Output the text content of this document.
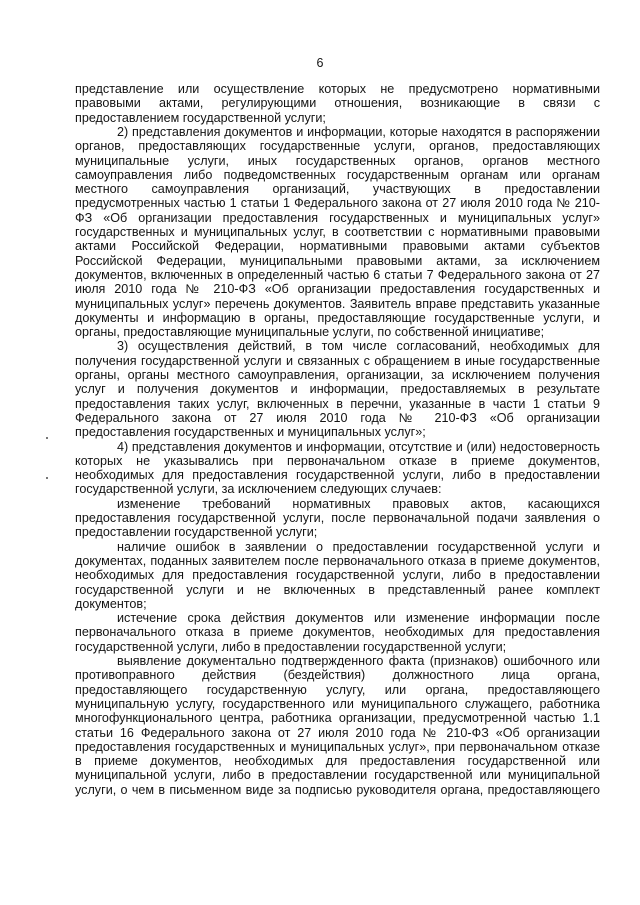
6
представление или осуществление которых не предусмотрено нормативными
правовыми актами, регулирующими отношения, возникающие в связи с
предоставлением государственной услуги;
2) представления документов и информации, которые находятся в распоряжении
органов, предоставляющих государственные услуги, органов, предоставляющих
муниципальные услуги, иных государственных органов, органов местного
самоуправления либо подведомственных государственным органам или органам
местного самоуправления организаций, участвующих в предоставлении
предусмотренных частью 1 статьи 1 Федерального закона от 27 июля 2010 года № 210-
ФЗ «Об организации предоставления государственных и муниципальных услуг»
государственных и муниципальных услуг, в соответствии с нормативными правовыми
актами Российской Федерации, нормативными правовыми актами субъектов
Российской Федерации, муниципальными правовыми актами, за исключением
документов, включенных в определенный частью 6 статьи 7 Федерального закона от 27
июля 2010 года № 210-ФЗ «Об организации предоставления государственных и
муниципальных услуг» перечень документов. Заявитель вправе представить указанные
документы и информацию в органы, предоставляющие государственные услуги, и
органы, предоставляющие муниципальные услуги, по собственной инициативе;
3) осуществления действий, в том числе согласований, необходимых для
получения государственной услуги и связанных с обращением в иные государственные
органы, органы местного самоуправления, организации, за исключением получения
услуг и получения документов и информации, предоставляемых в результате
предоставления таких услуг, включенных в перечни, указанные в части 1 статьи 9
Федерального закона от 27 июля 2010 года № 210-ФЗ «Об организации
предоставления государственных и муниципальных услуг»;
4) представления документов и информации, отсутствие и (или) недостоверность
которых не указывались при первоначальном отказе в приеме документов,
необходимых для предоставления государственной услуги, либо в предоставлении
государственной услуги, за исключением следующих случаев:
изменение требований нормативных правовых актов, касающихся
предоставления государственной услуги, после первоначальной подачи заявления о
предоставлении государственной услуги;
наличие ошибок в заявлении о предоставлении государственной услуги и
документах, поданных заявителем после первоначального отказа в приеме документов,
необходимых для предоставления государственной услуги, либо в предоставлении
государственной услуги и не включенных в представленный ранее комплект
документов;
истечение срока действия документов или изменение информации после
первоначального отказа в приеме документов, необходимых для предоставления
государственной услуги, либо в предоставлении государственной услуги;
выявление документально подтвержденного факта (признаков) ошибочного или
противоправного действия (бездействия) должностного лица органа,
предоставляющего государственную услугу, или органа, предоставляющего
муниципальную услугу, государственного или муниципального служащего, работника
многофункционального центра, работника организации, предусмотренной частью 1.1
статьи 16 Федерального закона от 27 июля 2010 года № 210-ФЗ «Об организации
предоставления государственных и муниципальных услуг», при первоначальном отказе
в приеме документов, необходимых для предоставления государственной или
муниципальной услуги, либо в предоставлении государственной или муниципальной
услуги, о чем в письменном виде за подписью руководителя органа, предоставляющего
